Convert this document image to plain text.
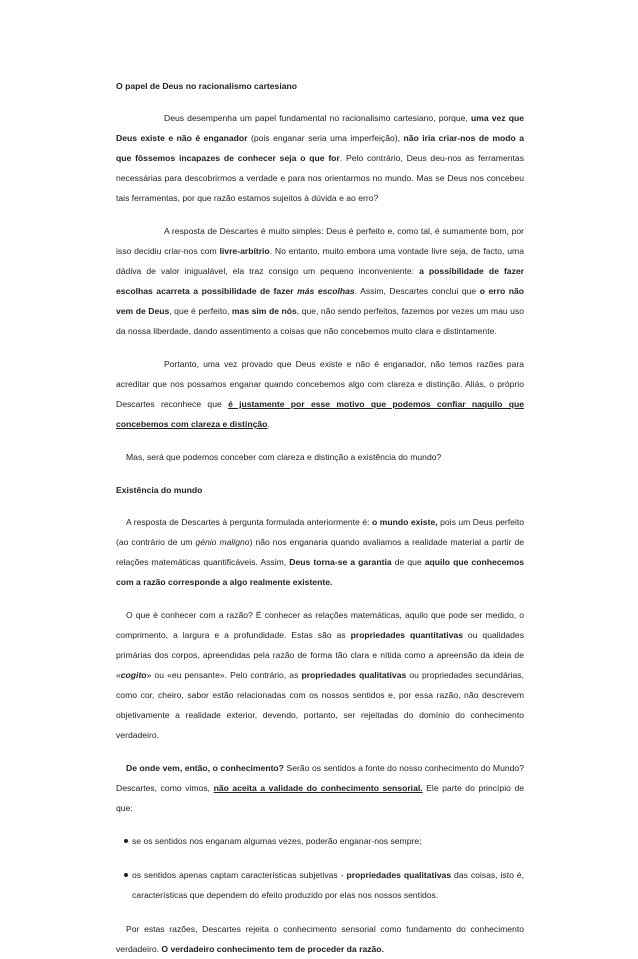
O papel de Deus no racionalismo cartesiano

Deus desempenha um papel fundamental no racionalismo cartesiano, porque, uma vez que Deus existe e não é enganador (pois enganar seria uma imperfeição), não iria criar-nos de modo a que fôssemos incapazes de conhecer seja o que for. Pelo contrário, Deus deu-nos as ferramentas necessárias para descobrirmos a verdade e para nos orientarmos no mundo. Mas se Deus nos concebeu tais ferramentas, por que razão estamos sujeitos à dúvida e ao erro?

A resposta de Descartes é muito simples: Deus é perfeito e, como tal, é sumamente bom, por isso decidiu criar-nos com livre-arbítrio. No entanto, muito embora uma vontade livre seja, de facto, uma dádiva de valor inigualável, ela traz consigo um pequeno inconveniente: a possibilidade de fazer escolhas acarreta a possibilidade de fazer más escolhas. Assim, Descartes conclui que o erro não vem de Deus, que é perfeito, mas sim de nós, que, não sendo perfeitos, fazemos por vezes um mau uso da nossa liberdade, dando assentimento a coisas que não concebemos muito clara e distintamente.

Portanto, uma vez provado que Deus existe e não é enganador, não temos razões para acreditar que nos possamos enganar quando concebemos algo com clareza e distinção. Aliás, o próprio Descartes reconhece que é justamente por esse motivo que podemos confiar naquilo que concebemos com clareza e distinção.

Mas, será que podemos conceber com clareza e distinção a existência do mundo?

Existência do mundo

A resposta de Descartes à pergunta formulada anteriormente é: o mundo existe, pois um Deus perfeito (ao contrário de um génio maligno) não nos enganaria quando avaliamos a realidade material a partir de relações matemáticas quantificáveis. Assim, Deus torna-se a garantia de que aquilo que conhecemos com a razão corresponde a algo realmente existente.

O que é conhecer com a razão? É conhecer as relações matemáticas, aquilo que pode ser medido, o comprimento, a largura e a profundidade. Estas são as propriedades quantitativas ou qualidades primárias dos corpos, apreendidas pela razão de forma tão clara e nítida como a apreensão da ideia de «cogito» ou «eu pensante». Pelo contrário, as propriedades qualitativas ou propriedades secundárias, como cor, cheiro, sabor estão relacionadas com os nossos sentidos e, por essa razão, não descrevem objetivamente a realidade exterior, devendo, portanto, ser rejeitadas do domínio do conhecimento verdadeiro.

De onde vem, então, o conhecimento? Serão os sentidos a fonte do nosso conhecimento do Mundo? Descartes, como vimos, não aceita a validade do conhecimento sensorial. Ele parte do princípio de que:

se os sentidos nos enganam algumas vezes, poderão enganar-nos sempre;
os sentidos apenas captam características subjetivas - propriedades qualitativas das coisas, isto é, características que dependem do efeito produzido por elas nos nossos sentidos.

Por estas razões, Descartes rejeita o conhecimento sensorial como fundamento do conhecimento verdadeiro. O verdadeiro conhecimento tem de proceder da razão.
